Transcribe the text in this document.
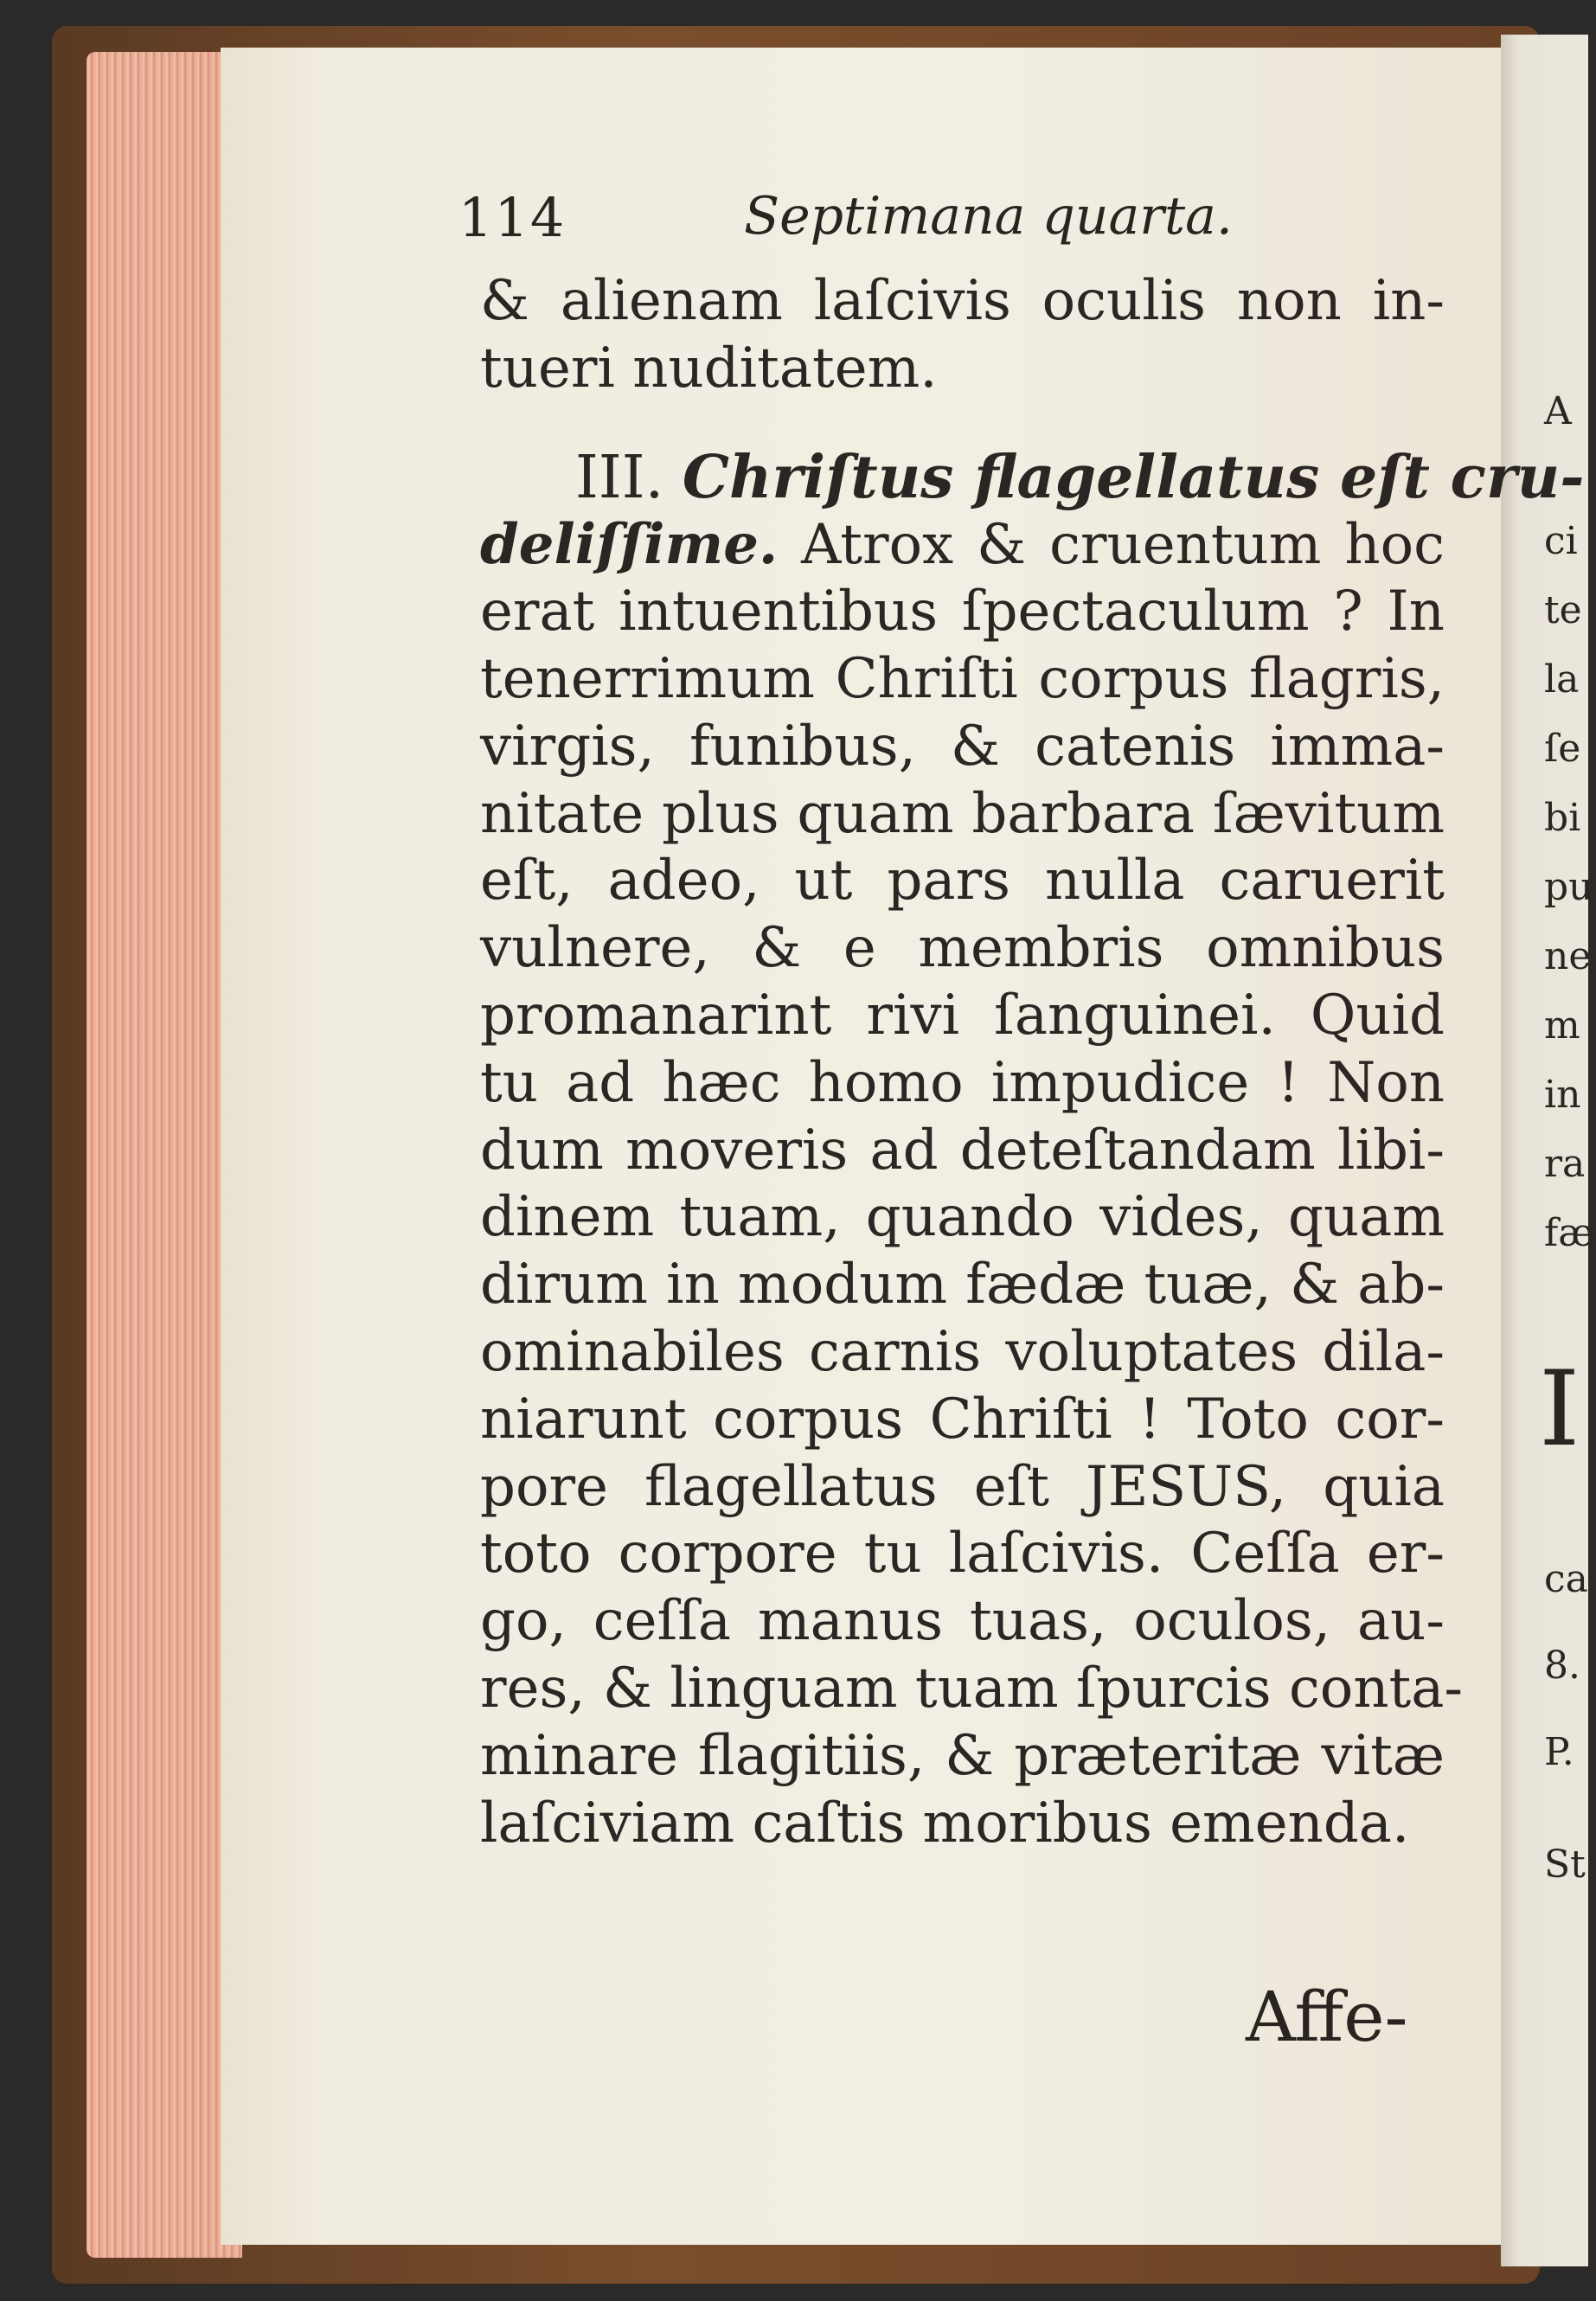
A
ci
te
la
ſe
bi
pu
ne
m
in
ra
fæ
I
ca
8.
P.
St
114	Septimana quarta.
& alienam laſcivis oculis non in-
tueri nuditatem.
III. Chriſtus flagellatus eſt cru-
deliſſime. Atrox & cruentum hoc
erat intuentibus ſpectaculum ? In
tenerrimum Chriſti corpus flagris,
virgis, funibus, & catenis imma-
nitate plus quam barbara ſævitum
eſt, adeo, ut pars nulla caruerit
vulnere, & e membris omnibus
promanarint rivi ſanguinei. Quid
tu ad hæc homo impudice ! Non
dum moveris ad deteſtandam libi-
dinem tuam, quando vides, quam
dirum in modum fædæ tuæ, & ab-
ominabiles carnis voluptates dila-
niarunt corpus Chriſti ! Toto cor-
pore flagellatus eſt JESUS, quia
toto corpore tu laſcivis. Ceſſa er-
go, ceſſa manus tuas, oculos, au-
res, & linguam tuam ſpurcis conta-
minare flagitiis, & præteritæ vitæ
laſciviam caſtis moribus emenda.
Affe-
